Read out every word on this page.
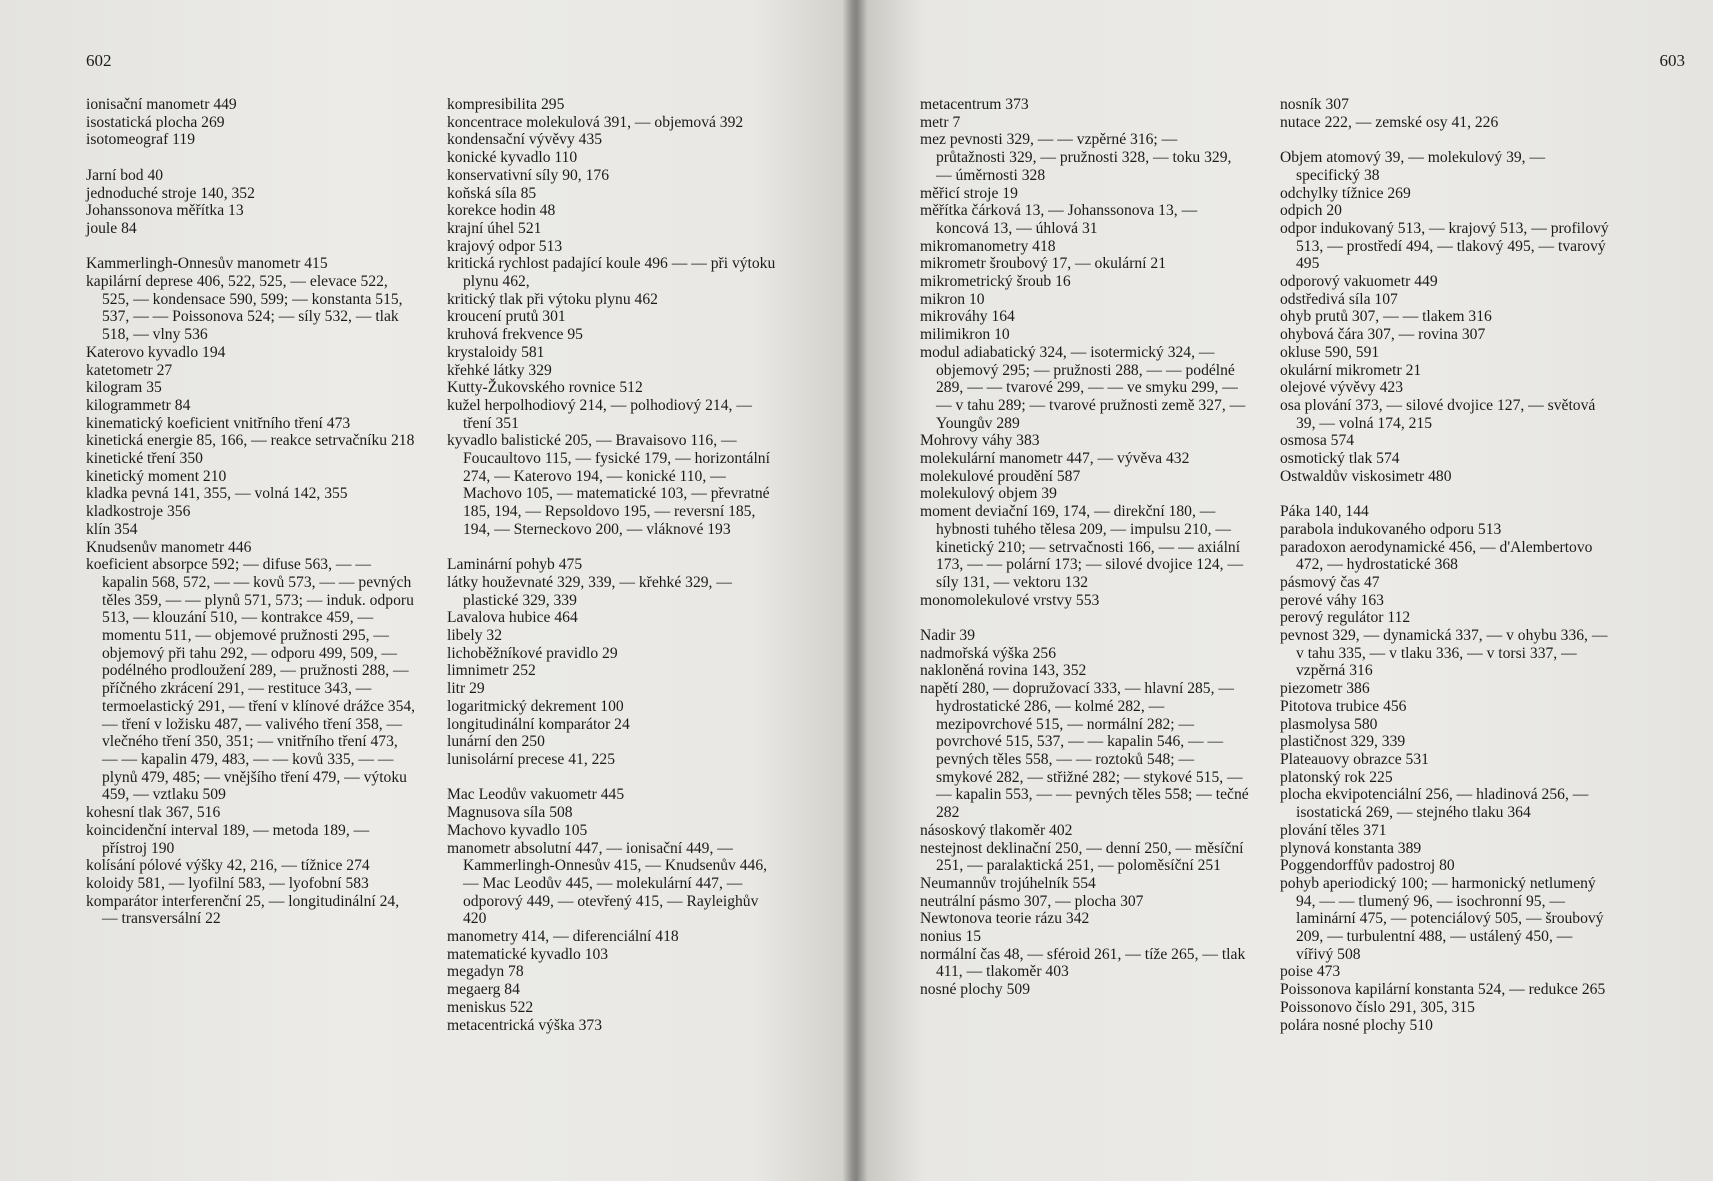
602
ionisační manometr 449
isostatická plocha 269
isotomeograf 119
Jarní bod 40
jednoduché stroje 140, 352
Johanssonova měřítka 13
joule 84
Kammerlingh-Onnesův manometr 415
kapilární deprese 406, 522, 525, — elevace 522, 525, — kondensace 590, 599; — konstanta 515, 537, — — Poissonova 524; — síly 532, — tlak 518, — vlny 536
Katerovo kyvadlo 194
katetometr 27
kilogram 35
kilogrammetr 84
kinematický koeficient vnitřního tření 473
kinetická energie 85, 166, — reakce setrvačníku 218
kinetické tření 350
kinetický moment 210
kladka pevná 141, 355, — volná 142, 355
kladkostroje 356
klín 354
Knudsenův manometr 446
koeficient absorpce 592; — difuse 563, — — kapalin 568, 572, — — kovů 573, — — pevných těles 359, — — plynů 571, 573; — induk. odporu 513, — klouzání 510, — kontrakce 459, — momentu 511, — objemové pružnosti 295, — objemový při tahu 292, — odporu 499, 509, — podélného prodloužení 289, — pružnosti 288, — příčného zkrácení 291, — restituce 343, — termoelastický 291, — tření v klínové drážce 354, — tření v ložisku 487, — valivého tření 358, — vlečného tření 350, 351; — vnitřního tření 473, — — kapalin 479, 483, — — kovů 335, — — plynů 479, 485; — vnějšího tření 479, — výtoku 459, — vztlaku 509
kohesní tlak 367, 516
koincidenční interval 189, — metoda 189, — přístroj 190
kolísání pólové výšky 42, 216, — tížnice 274
koloidy 581, — lyofilní 583, — lyofobní 583
komparátor interferenční 25, — longitudinální 24, — transversální 22
kompresibilita 295
koncentrace molekulová 391, — objemová 392
kondensační vývěvy 435
konické kyvadlo 110
konservativní síly 90, 176
koňská síla 85
korekce hodin 48
krajní úhel 521
krajový odpor 513
kritická rychlost padající koule 496 — — při výtoku plynu 462,
kritický tlak při výtoku plynu 462
kroucení prutů 301
kruhová frekvence 95
krystaloidy 581
křehké látky 329
Kutty-Žukovského rovnice 512
kužel herpolhodiový 214, — polhodiový 214, — tření 351
kyvadlo balistické 205, — Bravaisovo 116, — Foucaultovo 115, — fysické 179, — horizontální 274, — Katerovo 194, — konické 110, — Machovo 105, — matematické 103, — převratné 185, 194, — Repsoldovo 195, — reversní 185, 194, — Sterneckovo 200, — vláknové 193
Laminární pohyb 475
látky houževnaté 329, 339, — křehké 329, — plastické 329, 339
Lavalova hubice 464
libely 32
lichoběžníkové pravidlo 29
limnimetr 252
litr 29
logaritmický dekrement 100
longitudinální komparátor 24
lunární den 250
lunisolární precese 41, 225
Mac Leodův vakuometr 445
Magnusova síla 508
Machovo kyvadlo 105
manometr absolutní 447, — ionisační 449, — Kammerlingh-Onnesův 415, — Knudsenův 446, — Mac Leodův 445, — molekulární 447, — odporový 449, — otevřený 415, — Rayleighův 420
manometry 414, — diferenciální 418
matematické kyvadlo 103
megadyn 78
megaerg 84
meniskus 522
metacentrická výška 373
603
metacentrum 373
metr 7
mez pevnosti 329, — — vzpěrné 316; — průtažnosti 329, — pružnosti 328, — toku 329, — úměrnosti 328
měřicí stroje 19
měřítka čárková 13, — Johanssonova 13, — koncová 13, — úhlová 31
mikromanometry 418
mikrometr šroubový 17, — okulární 21
mikrometrický šroub 16
mikron 10
mikrováhy 164
milimikron 10
modul adiabatický 324, — isotermický 324, — objemový 295; — pružnosti 288, — — podélné 289, — — tvarové 299, — — ve smyku 299, — — v tahu 289; — tvarové pružnosti země 327, — Youngův 289
Mohrovy váhy 383
molekulární manometr 447, — vývěva 432
molekulové proudění 587
molekulový objem 39
moment deviační 169, 174, — direkční 180, — hybnosti tuhého tělesa 209, — impulsu 210, — kinetický 210; — setrvačnosti 166, — — axiální 173, — — polární 173; — silové dvojice 124, — síly 131, — vektoru 132
monomolekulové vrstvy 553
Nadir 39
nadmořská výška 256
nakloněná rovina 143, 352
napětí 280, — dopružovací 333, — hlavní 285, — hydrostatické 286, — kolmé 282, — mezipovrchové 515, — normální 282; — povrchové 515, 537, — — kapalin 546, — — pevných těles 558, — — roztoků 548; — smykové 282, — střižné 282; — stykové 515, — — kapalin 553, — — pevných těles 558; — tečné 282
násoskový tlakoměr 402
nestejnost deklinační 250, — denní 250, — měsíční 251, — paralaktická 251, — poloměsíční 251
Neumannův trojúhelník 554
neutrální pásmo 307, — plocha 307
Newtonova teorie rázu 342
nonius 15
normální čas 48, — sféroid 261, — tíže 265, — tlak 411, — tlakoměr 403
nosné plochy 509
nosník 307
nutace 222, — zemské osy 41, 226
Objem atomový 39, — molekulový 39, — specifický 38
odchylky tížnice 269
odpich 20
odpor indukovaný 513, — krajový 513, — profilový 513, — prostředí 494, — tlakový 495, — tvarový 495
odporový vakuometr 449
odstředivá síla 107
ohyb prutů 307, — — tlakem 316
ohybová čára 307, — rovina 307
okluse 590, 591
okulární mikrometr 21
olejové vývěvy 423
osa plování 373, — silové dvojice 127, — světová 39, — volná 174, 215
osmosa 574
osmotický tlak 574
Ostwaldův viskosimetr 480
Páka 140, 144
parabola indukovaného odporu 513
paradoxon aerodynamické 456, — d'Alembertovo 472, — hydrostatické 368
pásmový čas 47
perové váhy 163
perový regulátor 112
pevnost 329, — dynamická 337, — v ohybu 336, — v tahu 335, — v tlaku 336, — v torsi 337, — vzpěrná 316
piezometr 386
Pitotova trubice 456
plasmolysa 580
plastičnost 329, 339
Plateauovy obrazce 531
platonský rok 225
plocha ekvipotenciální 256, — hladinová 256, — isostatická 269, — stejného tlaku 364
plování těles 371
plynová konstanta 389
Poggendorffův padostroj 80
pohyb aperiodický 100; — harmonický netlumený 94, — — tlumený 96, — isochronní 95, — laminární 475, — potenciálový 505, — šroubový 209, — turbulentní 488, — ustálený 450, — vířivý 508
poise 473
Poissonova kapilární konstanta 524, — redukce 265
Poissonovo číslo 291, 305, 315
polára nosné plochy 510
